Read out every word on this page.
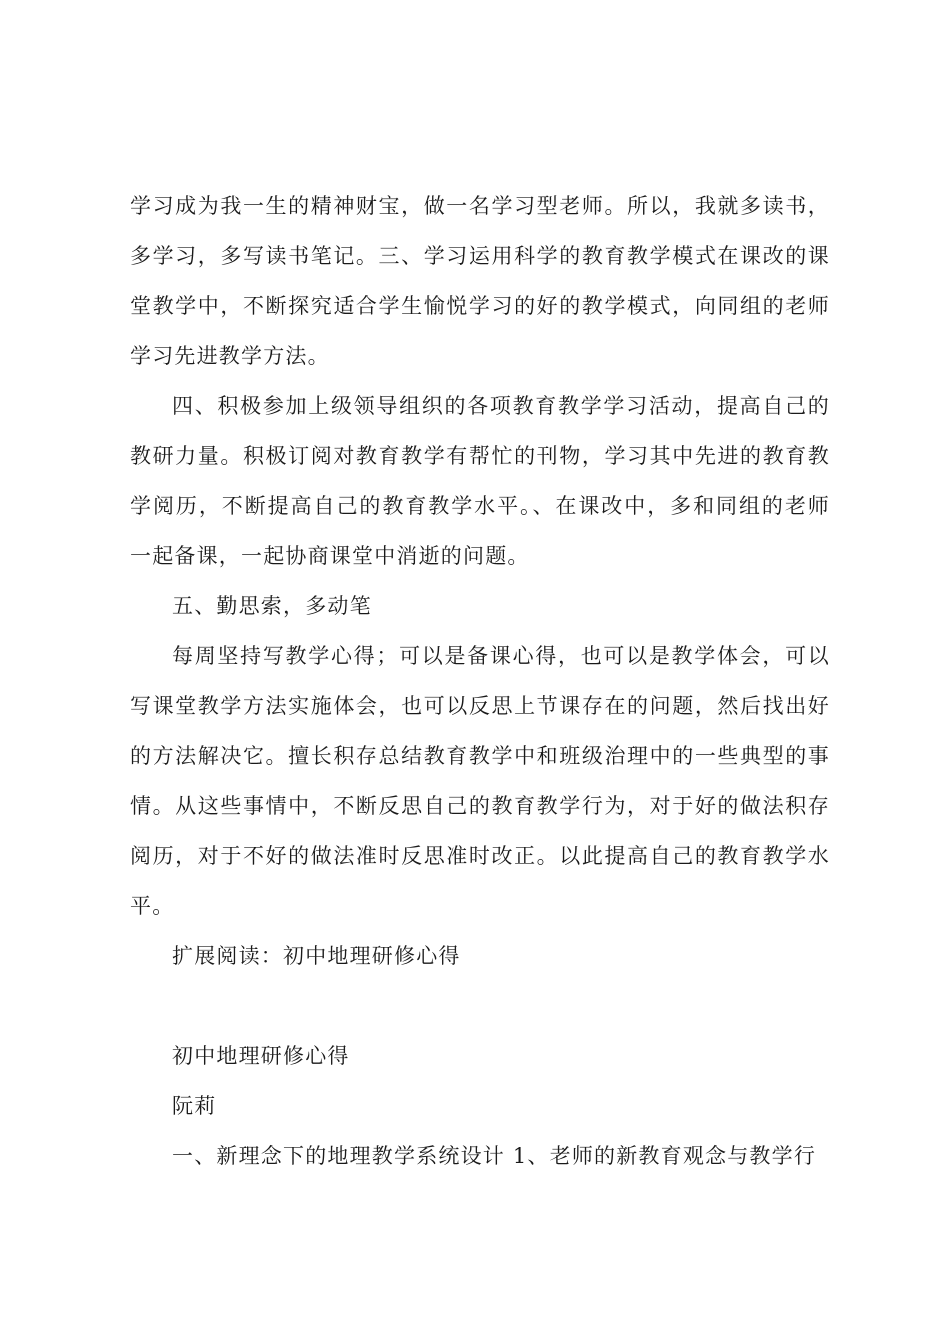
学习成为我一生的精神财宝，做一名学习型老师。所以，我就多读书，
多学习，多写读书笔记。三、学习运用科学的教育教学模式在课改的课
堂教学中，不断探究适合学生愉悦学习的好的教学模式，向同组的老师
学习先进教学方法。
四、积极参加上级领导组织的各项教育教学学习活动，提高自己的
教研力量。积极订阅对教育教学有帮忙的刊物，学习其中先进的教育教
学阅历，不断提高自己的教育教学水平。、在课改中，多和同组的老师
一起备课，一起协商课堂中消逝的问题。
五、勤思索，多动笔
每周坚持写教学心得；可以是备课心得，也可以是教学体会，可以
写课堂教学方法实施体会，也可以反思上节课存在的问题，然后找出好
的方法解决它。擅长积存总结教育教学中和班级治理中的一些典型的事
情。从这些事情中，不断反思自己的教育教学行为，对于好的做法积存
阅历，对于不好的做法准时反思准时改正。以此提高自己的教育教学水
平。
扩展阅读：初中地理研修心得
初中地理研修心得
阮莉
一、新理念下的地理教学系统设计 1、老师的新教育观念与教学行
